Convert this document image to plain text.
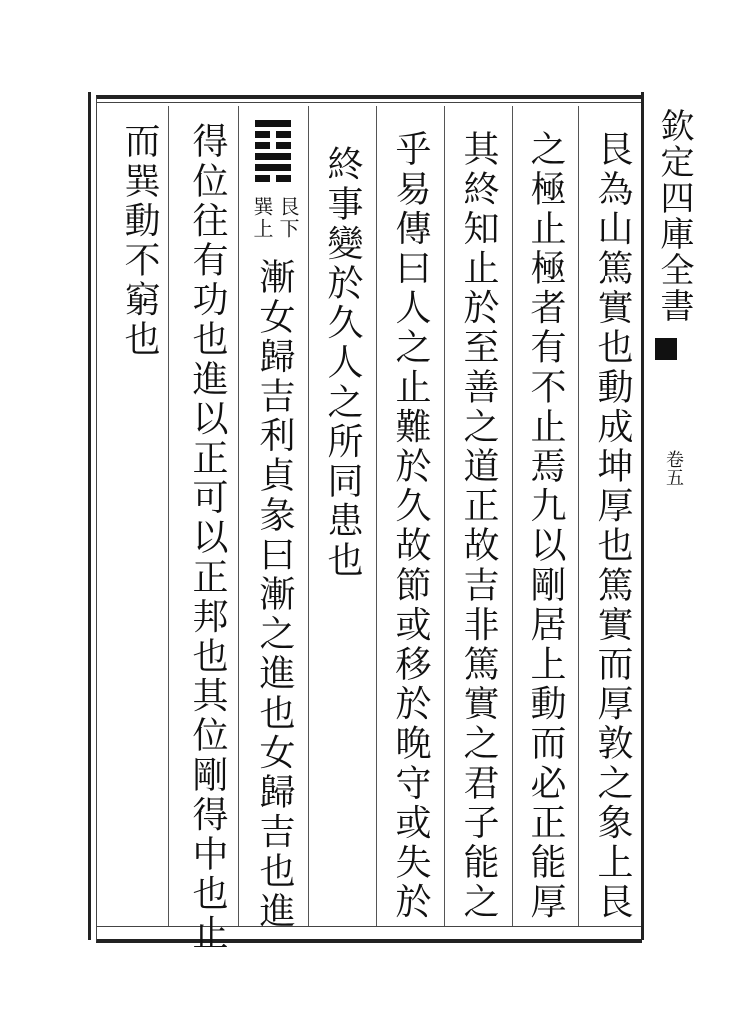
欽定四庫全書
卷五
艮為山篤實也動成坤厚也篤實而厚敦之象上艮
之極止極者有不止焉九以剛居上動而必正能厚
其終知止於至善之道正故吉非篤實之君子能之
乎易傳曰人之止難於久故節或移於晚守或失於
終事變於久人之所同患也
艮下
巽上
漸女歸吉利貞彖曰漸之進也女歸吉也進
得位往有功也進以正可以正邦也其位剛得中也止
而巽動不窮也
